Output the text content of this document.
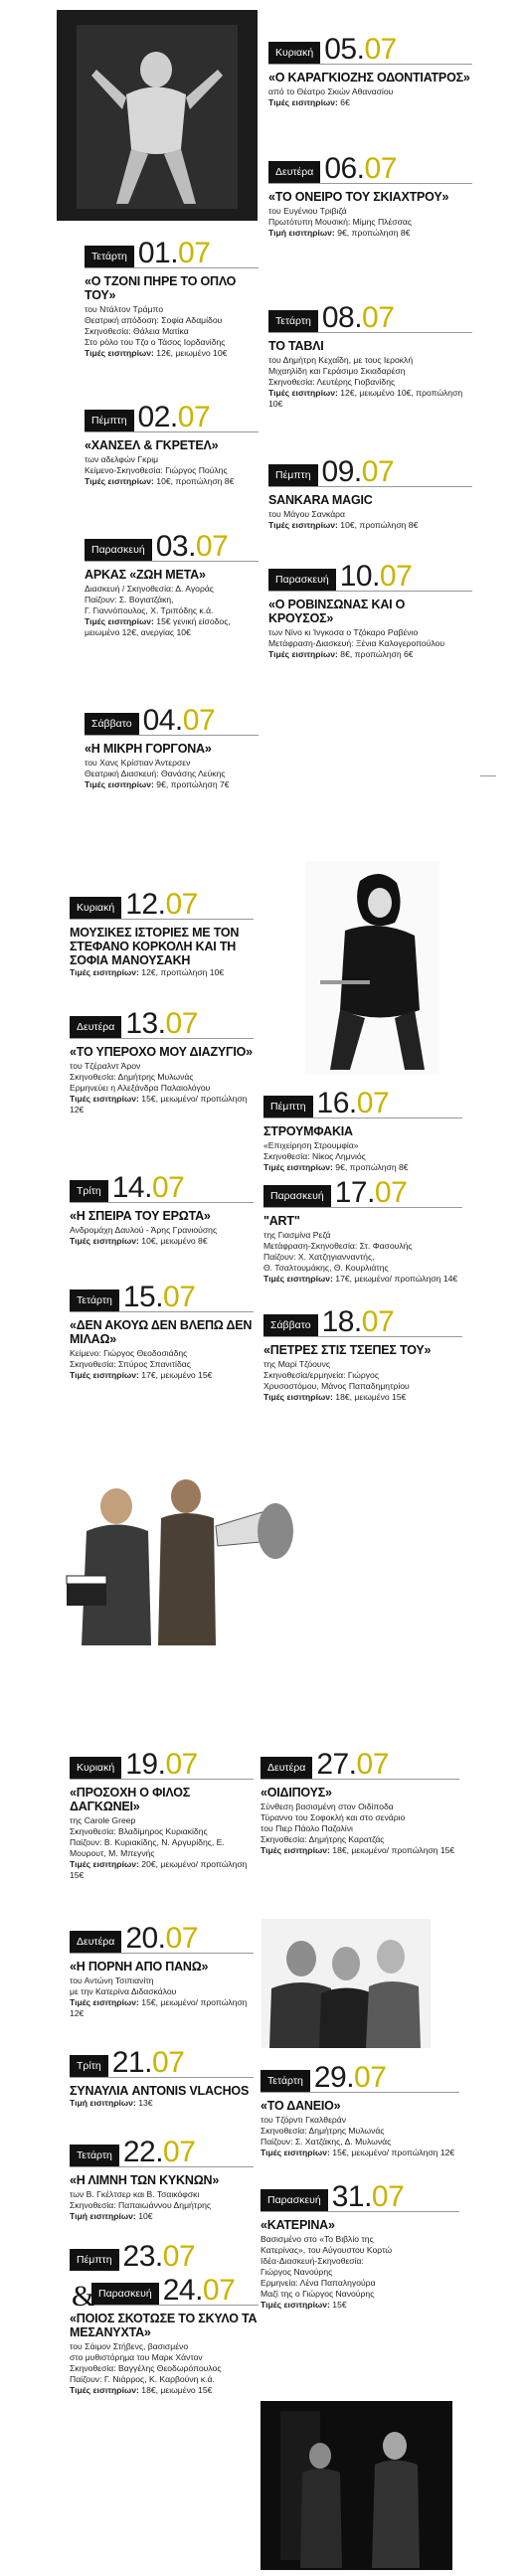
Κυριακή 05.07
«Ο ΚΑΡΑΓΚΙΟΖΗΣ ΟΔΟΝΤΙΑΤΡΟΣ»
από το Θέατρο Σκιών Αθανασίου
Τιμές εισιτηρίων: 6€
Δευτέρα 06.07
«ΤΟ ΟΝΕΙΡΟ ΤΟΥ ΣΚΙΑΧΤΡΟΥ»
του Ευγένιου Τριβιζά
Πρωτότυπη Μουσική: Μίμης Πλέσσας
Τιμή εισιτηρίων: 9€, προπώληση 8€
Τετάρτη 01.07
«Ο ΤΖΟΝΙ ΠΗΡΕ ΤΟ ΟΠΛΟ ΤΟΥ»
του Ντάλτον Τράμπο
Θεατρική απόδοση: Σοφία Αδαμίδου
Σκηνοθεσία: Θάλεια Ματίκα
Στο ρόλο του Τζο ο Τάσος Ιορδανίδης
Τιμές εισιτηρίων: 12€, μειωμένο 10€
Τετάρτη 08.07
ΤΟ ΤΑΒΛΙ
του Δημήτρη Κεχαΐδη, με τους Ιεροκλή
Μιχαηλίδη και Γεράσιμο Σκιαδαρέση
Σκηνοθεσία: Λευτέρης Γιοβανίδης
Τιμές εισιτηρίων: 12€, μειωμένο 10€, προπώληση 10€
Πέμπτη 02.07
«ΧΑΝΣΕΛ & ΓΚΡΕΤΕΛ»
των αδελφών Γκριμ
Κείμενο-Σκηνοθεσία: Γιώργος Πούλης
Τιμές εισιτηρίων: 10€, προπώληση 8€	Πέμπτη 09.07
SANKARA MAGIC
του Μάγου Σανκάρα
Τιμές εισιτηρίων: 10€, προπώληση 8€
Παρασκευή 03.07
ΑΡΚΑΣ «ΖΩΗ ΜΕΤΑ»
Διασκευή / Σκηνοθεσία: Δ. Αγοράς
Παίζουν: Σ. Βογιατζάκη,
Γ. Γιαννόπουλος, Χ. Τριπόδης κ.ά.
Τιμές εισιτηρίων: 15€ γενική είσοδος, μειωμένο 12€, ανεργίας 10€
Παρασκευή 10.07
«Ο ΡΟΒΙΝΣΩΝΑΣ ΚΑΙ Ο ΚΡΟΥΣΟΣ»
των Νίνο κι Ίνγκοσα ο Τζόκαρο Ραβένιο
Μετάφραση-Διασκευή: Ξένια Καλογεροπούλου
Τιμές εισιτηρίων: 8€, προπώληση 6€
Σάββατο 04.07
«Η ΜΙΚΡΗ ΓΟΡΓΟΝΑ»
του Χανς Κρίστιαν Άντερσεν
Θεατρική Διασκευή: Θανάσης Λεύκης
Τιμές εισιτηρίων: 9€, προπώληση 7€
Κυριακή 12.07
ΜΟΥΣΙΚΕΣ ΙΣΤΟΡΙΕΣ ΜΕ ΤΟΝ ΣΤΕΦΑΝΟ ΚΟΡΚΟΛΗ ΚΑΙ ΤΗ ΣΟΦΙΑ ΜΑΝΟΥΣΑΚΗ
Τιμές εισιτηρίων: 12€, προπώληση 10€
Δευτέρα 13.07
«ΤΟ ΥΠΕΡΟΧΟ ΜΟΥ ΔΙΑΖΥΓΙΟ»
του Τζέραλντ Άρον
Σκηνοθεσία: Δημήτρης Μυλωνάς
Ερμηνεύει η Αλεξάνδρα Παλαιολόγου
Τιμές εισιτηρίων: 15€, μειωμένο/ προπώληση 12€	Πέμπτη 16.07
ΣΤΡΟΥΜΦΑΚΙΑ
«Επιχείρηση Στρουμφία»
Σκηνοθεσία: Νίκος Λημνιός
Τιμές εισιτηρίων: 9€, προπώληση 8€
Τρίτη 14.07
«Η ΣΠΕΙΡΑ ΤΟΥ ΕΡΩΤΑ»
Ανδρομάχη Δαυλού - Άρης Γρανιούσης
Τιμές εισιτηρίων: 10€, μειωμένο 8€
Παρασκευή 17.07
"ART"
της Γιασμίνα Ρεζά
Μετάφραση-Σκηνοθεσία: Στ. Φασουλής
Παίζουν: Χ. Χατζηγιανναντής,
Θ. Τσαλτουμάκης, Θ. Κουρλιάτης
Τιμές εισιτηρίων: 17€, μειωμένο/ προπώληση 14€
Τετάρτη 15.07
«ΔΕΝ ΑΚΟΥΩ ΔΕΝ ΒΛΕΠΩ ΔΕΝ ΜΙΛΑΩ»
Κείμενο: Γιώργος Θεοδοσιάδης
Σκηνοθεσία: Σπύρος Σπανιτίδας
Τιμές εισιτηρίων: 17€, μειωμένο 15€
Σάββατο 18.07
«ΠΕΤΡΕΣ ΣΤΙΣ ΤΣΕΠΕΣ ΤΟΥ»
της Μαρί Τζόουνς
Σκηνοθεσία/ερμηνεία: Γιώργος
Χρυσοστόμου, Μάνος Παπαδημητρίου
Τιμές εισιτηρίων: 18€, μειωμένο 15€
Κυριακή 19.07
«ΠΡΟΣΟΧΗ Ο ΦΙΛΟΣ ΔΑΓΚΩΝΕΙ»
της Carole Greep
Σκηνοθεσία: Βλαδίμηρος Κυριακίδης
Παίζουν: Β. Κυριακίδης, Ν. Αργυρίδης, Ε.
Μουρουτ, Μ. Μπεγνής
Τιμές εισιτηρίων: 20€, μειωμένο/ προπώληση 15€
Δευτέρα 27.07
«ΟΙΔΙΠΟΥΣ»
Σύνθεση βασισμένη στον Οιδίποδα
Τύραννο του Σοφοκλή και στο σενάριο
του Πιερ Πάολο Παζολίνι
Σκηνοθεσία: Δημήτρης Καρατζάς
Τιμές εισιτηρίων: 18€, μειωμένο/ προπώληση 15€
Δευτέρα 20.07
«Η ΠΟΡΝΗ ΑΠΟ ΠΑΝΩ»
του Αντώνη Τσιπιανίτη
με την Κατερίνα Διδασκάλου
Τιμές εισιτηρίων: 15€, μειωμένο/ προπώληση 12€
Τρίτη 21.07
ΣΥΝΑΥΛΙΑ ANTONIS VLACHOS
Τιμή εισιτηρίων: 13€
Τετάρτη 29.07
«ΤΟ ΔΑΝΕΙΟ»
του Τζόρντι Γκαλθεράν
Σκηνοθεσία: Δημήτρης Μυλωνάς
Παίζουν: Σ. Χατζάκης, Δ. Μυλωνάς
Τιμές εισιτηρίων: 15€, μειωμένο/ προπώληση 12€
Τετάρτη 22.07
«Η ΛΙΜΝΗ ΤΩΝ ΚΥΚΝΩΝ»
των Β. Γκέλτσερ και Β. Τσαικόφσκι
Σκηνοθεσία: Παπαιωάννου Δημήτρης
Τιμή εισιτηρίων: 10€
Παρασκευή 31.07
«ΚΑΤΕΡΙΝΑ»
Βασισμένο στο «Το Βιβλίο της
Κατερίνας», του Αύγουστου Κορτώ
Ιδέα-Διασκευή-Σκηνοθεσία:
Γιώργος Νανούρης
Ερμηνεία: Λένα Παπαληγούρα
Μαζί της ο Γιώργος Νανούρης
Τιμές εισιτηρίων: 15€
Πέμπτη 23.07
Παρασκευή 24.07
«ΠΟΙΟΣ ΣΚΟΤΩΣΕ ΤΟ ΣΚΥΛΟ ΤΑ ΜΕΣΑΝΥΧΤΑ»
του Σάιμον Στήβενς, βασισμένο
στο μυθιστόρημα του Μαρκ Χάντον
Σκηνοθεσία: Βαγγέλης Θεοδωρόπουλος
Παίζουν: Γ. Νιάρρος, Κ. Καρβούνη κ.ά.
Τιμές εισιτηρίων: 18€, μειωμένο 15€
&
